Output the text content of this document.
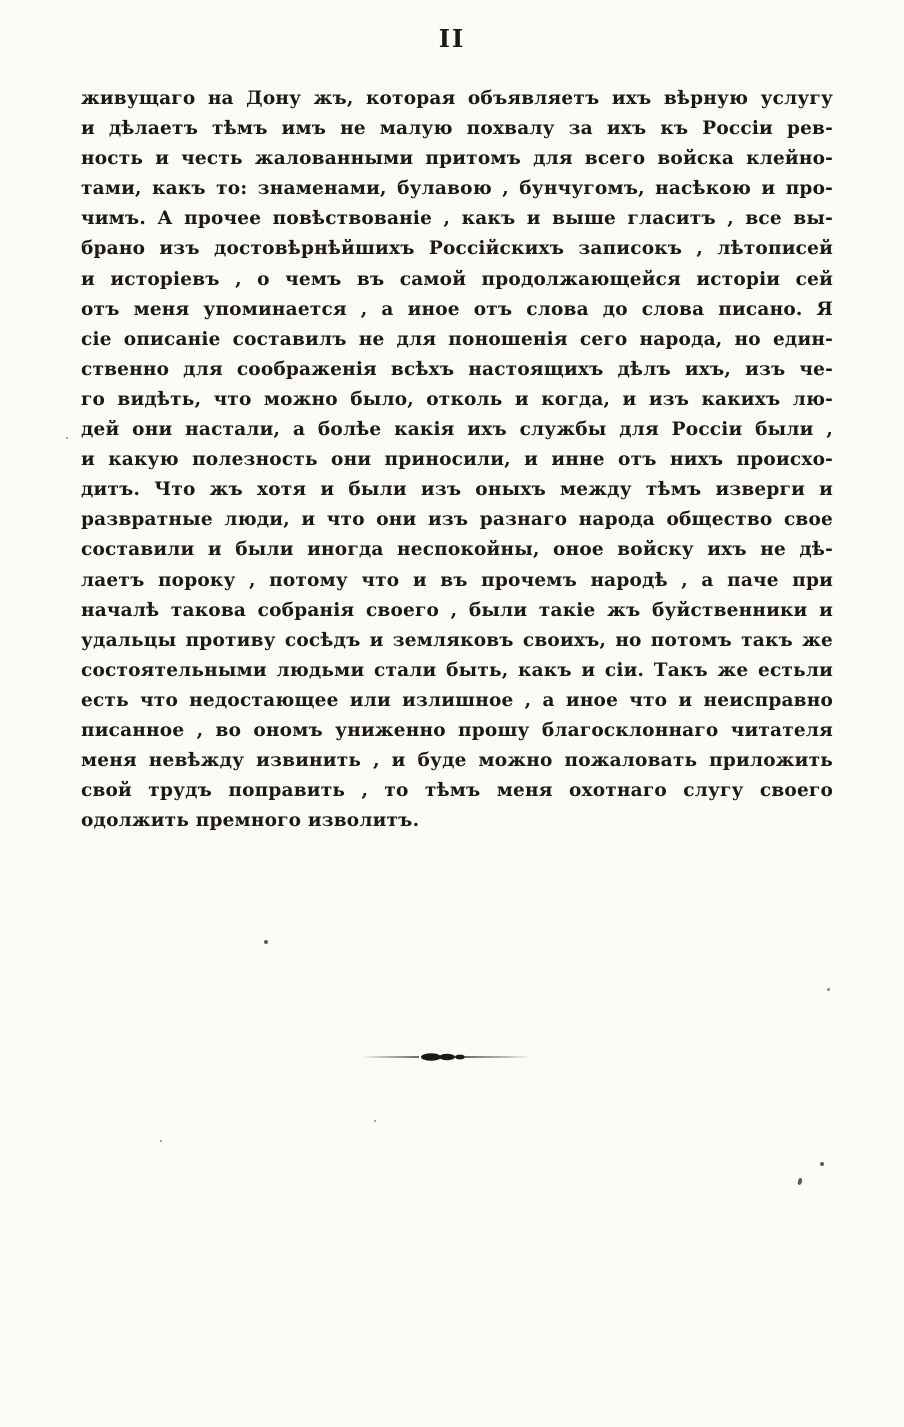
II
живущаго на Дону жъ, которая объявляетъ ихъ вѣрную услугу
и дѣлаетъ тѣмъ имъ не малую похвалу за ихъ къ Россіи рев-
ность и честь жалованными притомъ для всего войска клейно-
тами, какъ то: знаменами, булавою , бунчугомъ, насѣкою и про-
чимъ. А прочее повѣствованіе , какъ и выше гласитъ , все вы-
брано изъ достовѣрнѣйшихъ Россійскихъ записокъ , лѣтописей
и исторіевъ , о чемъ въ самой продолжающейся исторіи сей
отъ меня упоминается , а иное отъ слова до слова писано. Я
сіе описаніе составилъ не для поношенія сего народа, но един-
ственно для соображенія всѣхъ настоящихъ дѣлъ ихъ, изъ че-
го видѣть, что можно было, отколь и когда, и изъ какихъ лю-
дей они настали, а болѣе какія ихъ службы для Россіи были ,
и какую полезность они приносили, и инне отъ нихъ происхо-
дитъ. Что жъ хотя и были изъ оныхъ между тѣмъ изверги и
развратные люди, и что они изъ разнаго народа общество свое
составили и были иногда неспокойны, оное войску ихъ не дѣ-
лаетъ пороку , потому что и въ прочемъ народѣ , а паче при
началѣ такова собранія своего , были такіе жъ буйственники и
удальцы противу сосѣдъ и земляковъ своихъ, но потомъ такъ же
состоятельными людьми стали быть, какъ и сіи. Такъ же естьли
есть что недостающее или излишное , а иное что и неисправно
писанное , во ономъ униженно прошу благосклоннаго читателя
меня невѣжду извинить , и буде можно пожаловать приложить
свой трудъ поправить , то тѣмъ меня охотнаго слугу своего
одолжить премного изволитъ.
